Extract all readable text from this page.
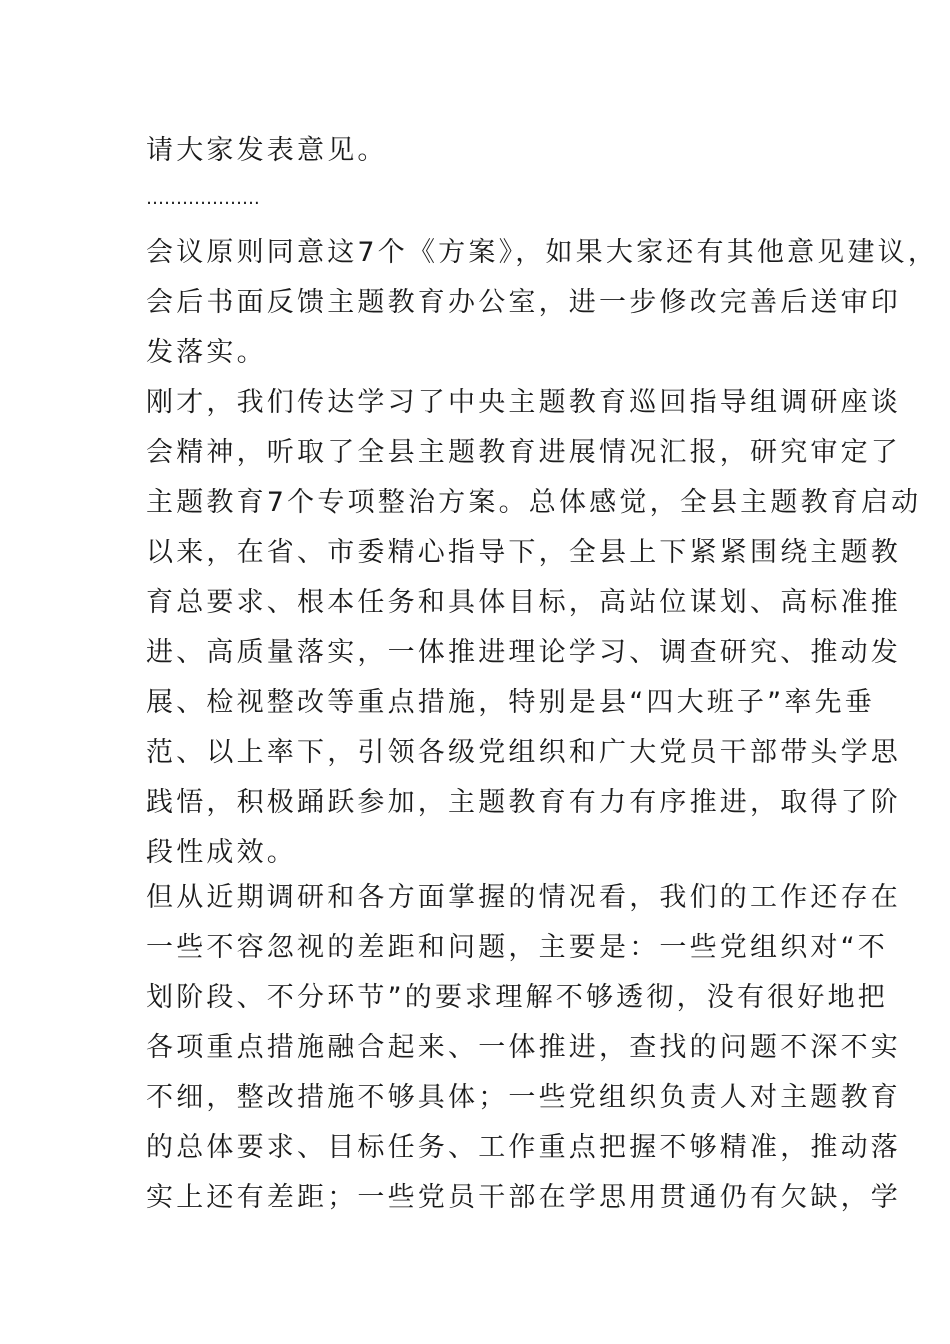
请大家发表意见。
……………….
会议原则同意这7个《方案》，如果大家还有其他意见建议，
会后书面反馈主题教育办公室，进一步修改完善后送审印
发落实。
刚才，我们传达学习了中央主题教育巡回指导组调研座谈
会精神，听取了全县主题教育进展情况汇报，研究审定了
主题教育7个专项整治方案。总体感觉，全县主题教育启动
以来，在省、市委精心指导下，全县上下紧紧围绕主题教
育总要求、根本任务和具体目标，高站位谋划、高标准推
进、高质量落实，一体推进理论学习、调查研究、推动发
展、检视整改等重点措施，特别是县“四大班子”率先垂
范、以上率下，引领各级党组织和广大党员干部带头学思
践悟，积极踊跃参加，主题教育有力有序推进，取得了阶
段性成效。
但从近期调研和各方面掌握的情况看，我们的工作还存在
一些不容忽视的差距和问题，主要是：一些党组织对“不
划阶段、不分环节”的要求理解不够透彻，没有很好地把
各项重点措施融合起来、一体推进，查找的问题不深不实
不细，整改措施不够具体；一些党组织负责人对主题教育
的总体要求、目标任务、工作重点把握不够精准，推动落
实上还有差距；一些党员干部在学思用贯通仍有欠缺，学
